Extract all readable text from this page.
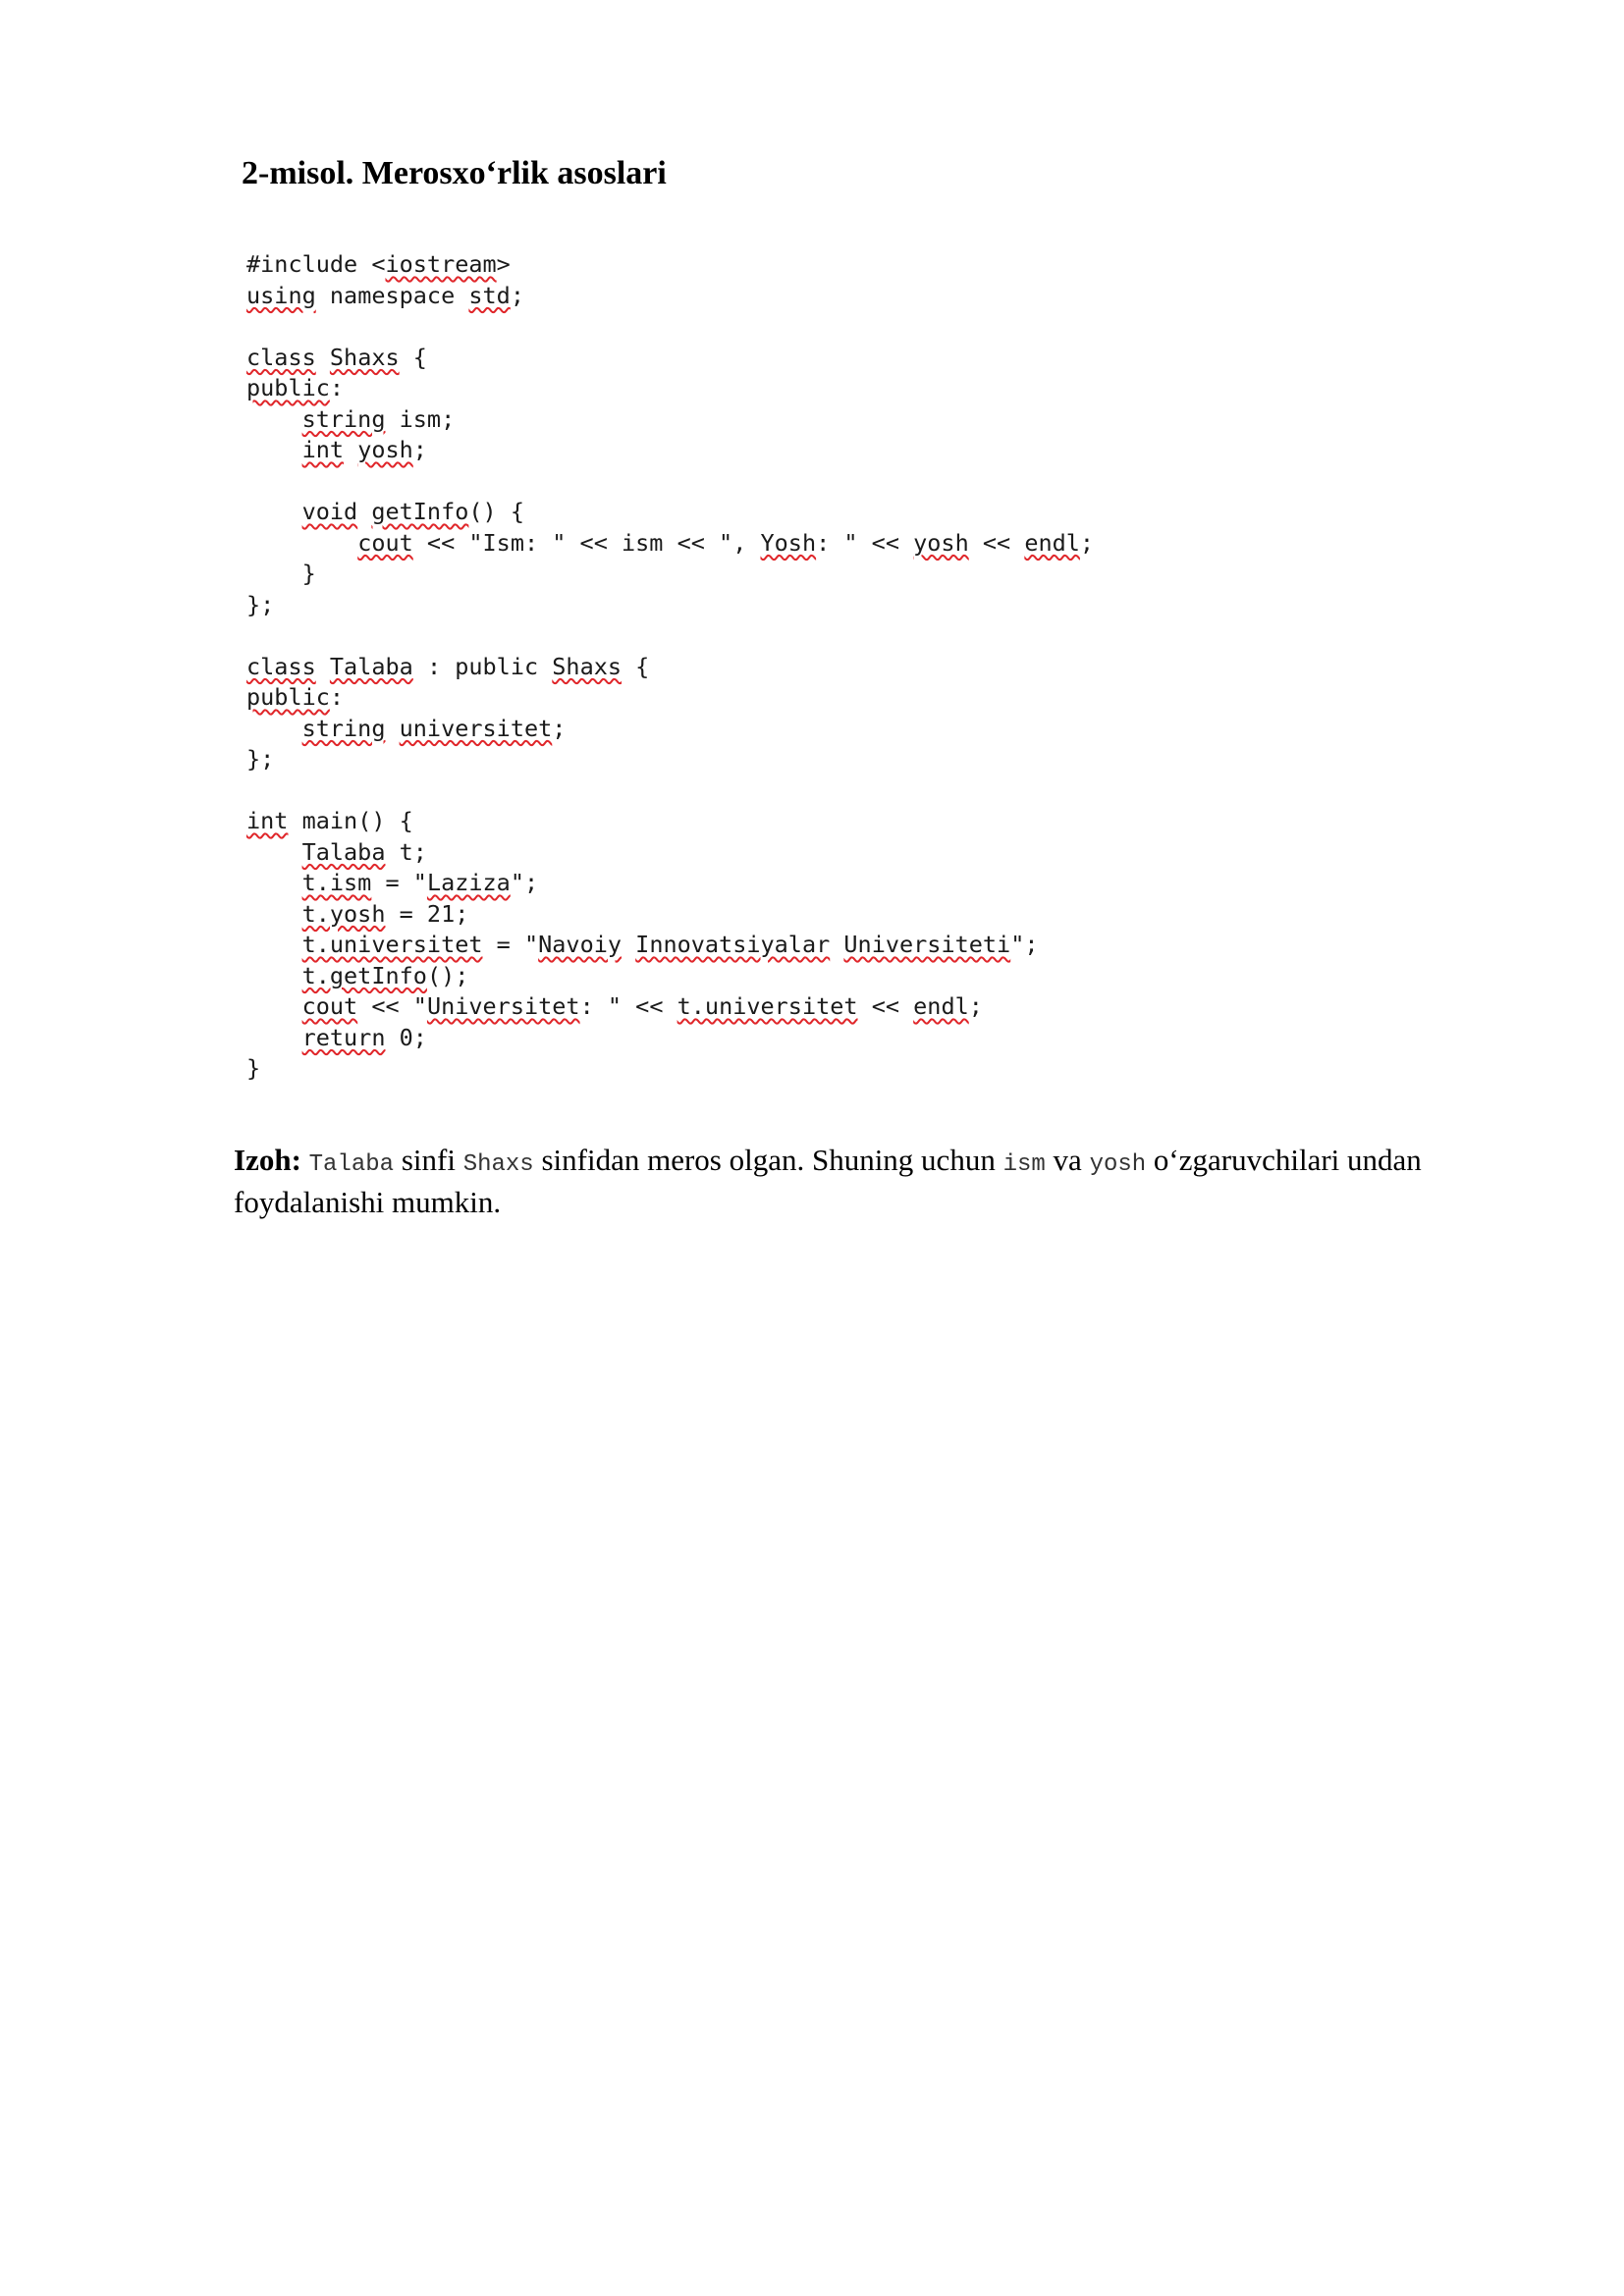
2-misol. Merosxo‘rlik asoslari
#include <iostream>
using namespace std;
class Shaxs {
public:
string ism;
int yosh;
void getInfo() {
cout << "Ism: " << ism << ", Yosh: " << yosh << endl;
}
};
class Talaba : public Shaxs {
public:
string universitet;
};
int main() {
Talaba t;
t.ism = "Laziza";
t.yosh = 21;
t.universitet = "Navoiy Innovatsiyalar Universiteti";
t.getInfo();
cout << "Universitet: " << t.universitet << endl;
return 0;
}

Izoh: Talaba sinfi Shaxs sinfidan meros olgan. Shuning uchun ism va yosh o‘zgaruvchilari undan foydalanishi mumkin.
